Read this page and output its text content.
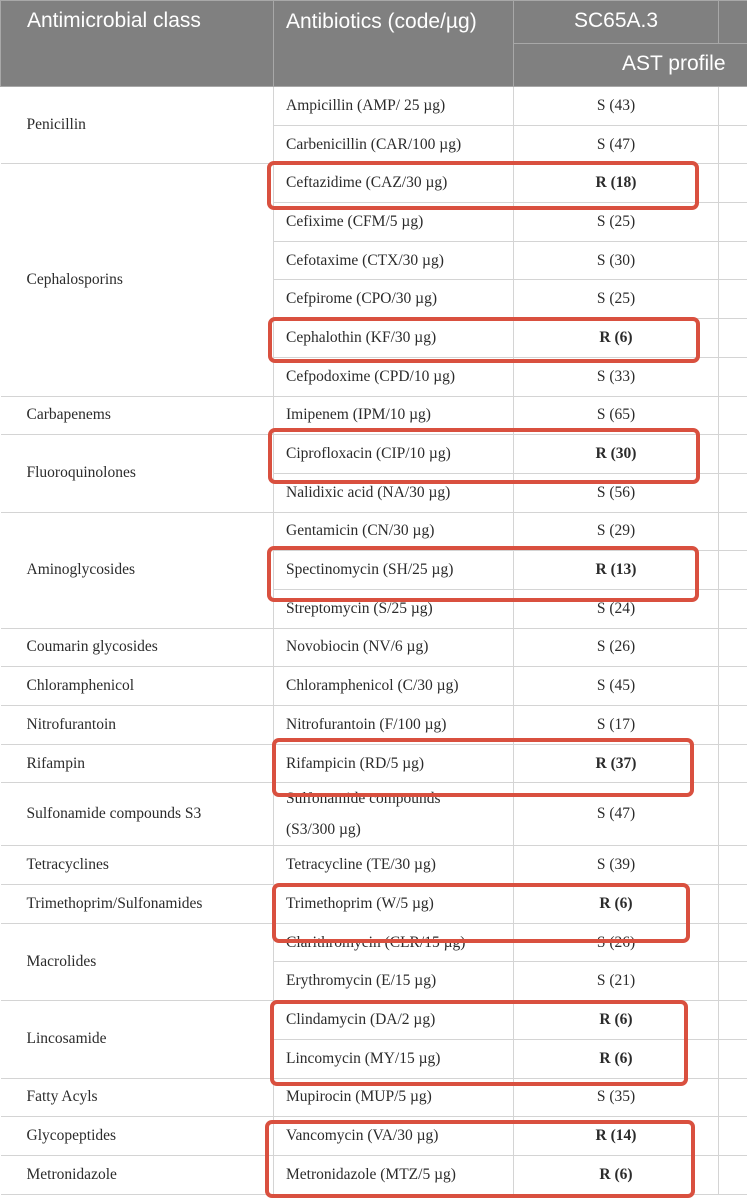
Antimicrobial class	Antibiotics (code/µg)	SC65A.3	
		AST profile	
Penicillin	Ampicillin (AMP/ 25 µg)	S (43)	
	Carbenicillin (CAR/100 µg)	S (47)	
Cephalosporins	Ceftazidime (CAZ/30 µg)	R (18)	
	Cefixime (CFM/5 µg)	S (25)	
	Cefotaxime (CTX/30 µg)	S (30)	
	Cefpirome (CPO/30 µg)	S (25)	
	Cephalothin (KF/30 µg)	R (6)	
	Cefpodoxime (CPD/10 µg)	S (33)	
Carbapenems	Imipenem (IPM/10 µg)	S (65)	
Fluoroquinolones	Ciprofloxacin (CIP/10 µg)	R (30)	
	Nalidixic acid (NA/30 µg)	S (56)	
Aminoglycosides	Gentamicin (CN/30 µg)	S (29)	
	Spectinomycin (SH/25 µg)	R (13)	
	Streptomycin (S/25 µg)	S (24)	
Coumarin glycosides	Novobiocin (NV/6 µg)	S (26)	
Chloramphenicol	Chloramphenicol (C/30 µg)	S (45)	
Nitrofurantoin	Nitrofurantoin (F/100 µg)	S (17)	
Rifampin	Rifampicin (RD/5 µg)	R (37)	
Sulfonamide compounds S3	Sulfonamide compounds (S3/300 µg)	S (47)	
Tetracyclines	Tetracycline (TE/30 µg)	S (39)	
Trimethoprim/Sulfonamides	Trimethoprim (W/5 µg)	R (6)	
Macrolides	Clarithromycin (CLR/15 µg)	S (26)	
	Erythromycin (E/15 µg)	S (21)	
Lincosamide	Clindamycin (DA/2 µg)	R (6)	
	Lincomycin (MY/15 µg)	R (6)	
Fatty Acyls	Mupirocin (MUP/5 µg)	S (35)	
Glycopeptides	Vancomycin (VA/30 µg)	R (14)	
Metronidazole	Metronidazole (MTZ/5 µg)	R (6)	
